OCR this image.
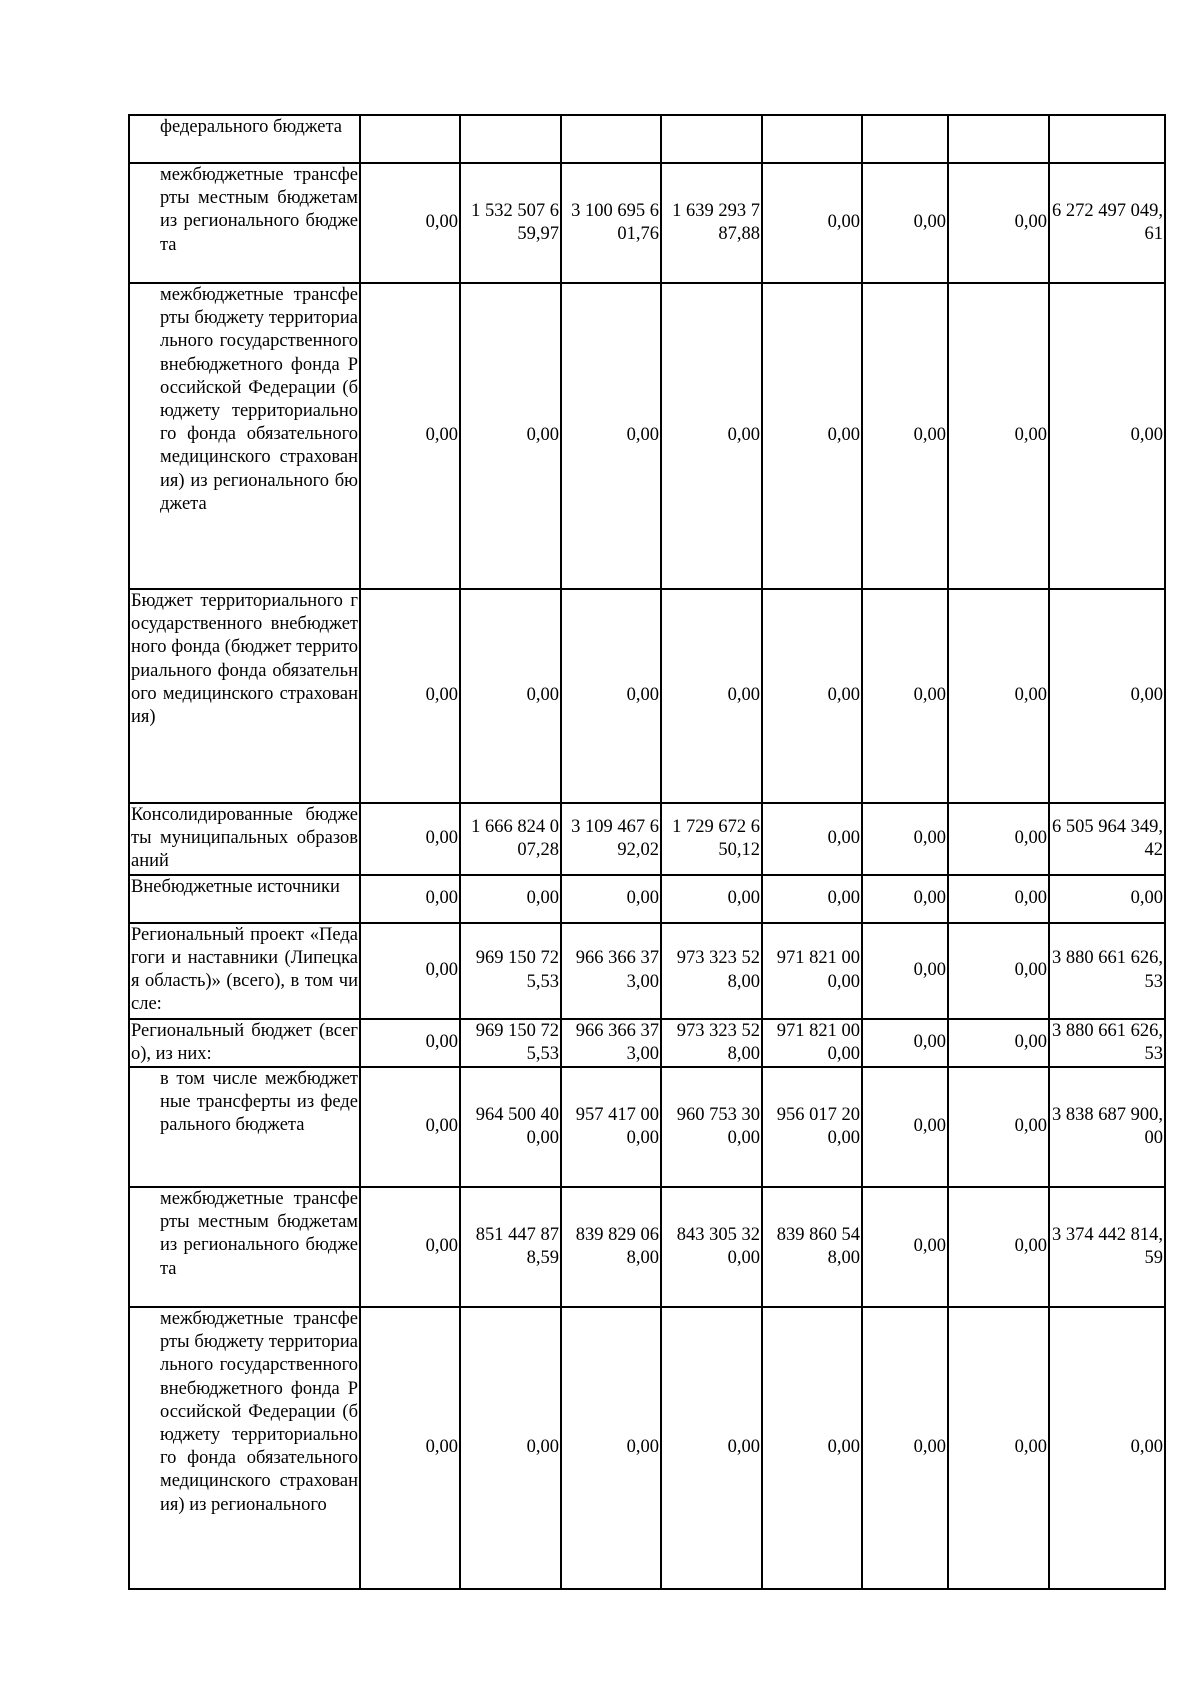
федерального бюджета								

межбюджетные трансферты местным бюджетам из регионального бюджета	0,00	1 532 507 659,97	3 100 695 601,76	1 639 293 787,88	0,00	0,00	0,00	6 272 497 049,61

межбюджетные трансферты бюджету территориального государственного внебюджетного фонда Российской Федерации (бюджету территориального фонда обязательного медицинского страхования) из регионального бюджета	0,00	0,00	0,00	0,00	0,00	0,00	0,00	0,00

Бюджет территориального государственного внебюджетного фонда (бюджет территориального фонда обязательного медицинского страхования)	0,00	0,00	0,00	0,00	0,00	0,00	0,00	0,00

Консолидированные бюджеты муниципальных образований	0,00	1 666 824 007,28	3 109 467 692,02	1 729 672 650,12	0,00	0,00	0,00	6 505 964 349,42

Внебюджетные источники	0,00	0,00	0,00	0,00	0,00	0,00	0,00	0,00

Региональный проект «Педагоги и наставники (Липецкая область)» (всего), в том числе:	0,00	969 150 725,53	966 366 373,00	973 323 528,00	971 821 000,00	0,00	0,00	3 880 661 626,53

Региональный бюджет (всего), из них:	0,00	969 150 725,53	966 366 373,00	973 323 528,00	971 821 000,00	0,00	0,00	3 880 661 626,53

в том числе межбюджетные трансферты из федерального бюджета	0,00	964 500 400,00	957 417 000,00	960 753 300,00	956 017 200,00	0,00	0,00	3 838 687 900,00

межбюджетные трансферты местным бюджетам из регионального бюджета	0,00	851 447 878,59	839 829 068,00	843 305 320,00	839 860 548,00	0,00	0,00	3 374 442 814,59

межбюджетные трансферты бюджету территориального государственного внебюджетного фонда Российской Федерации (бюджету территориального фонда обязательного медицинского страхования) из регионального	0,00	0,00	0,00	0,00	0,00	0,00	0,00	0,00
